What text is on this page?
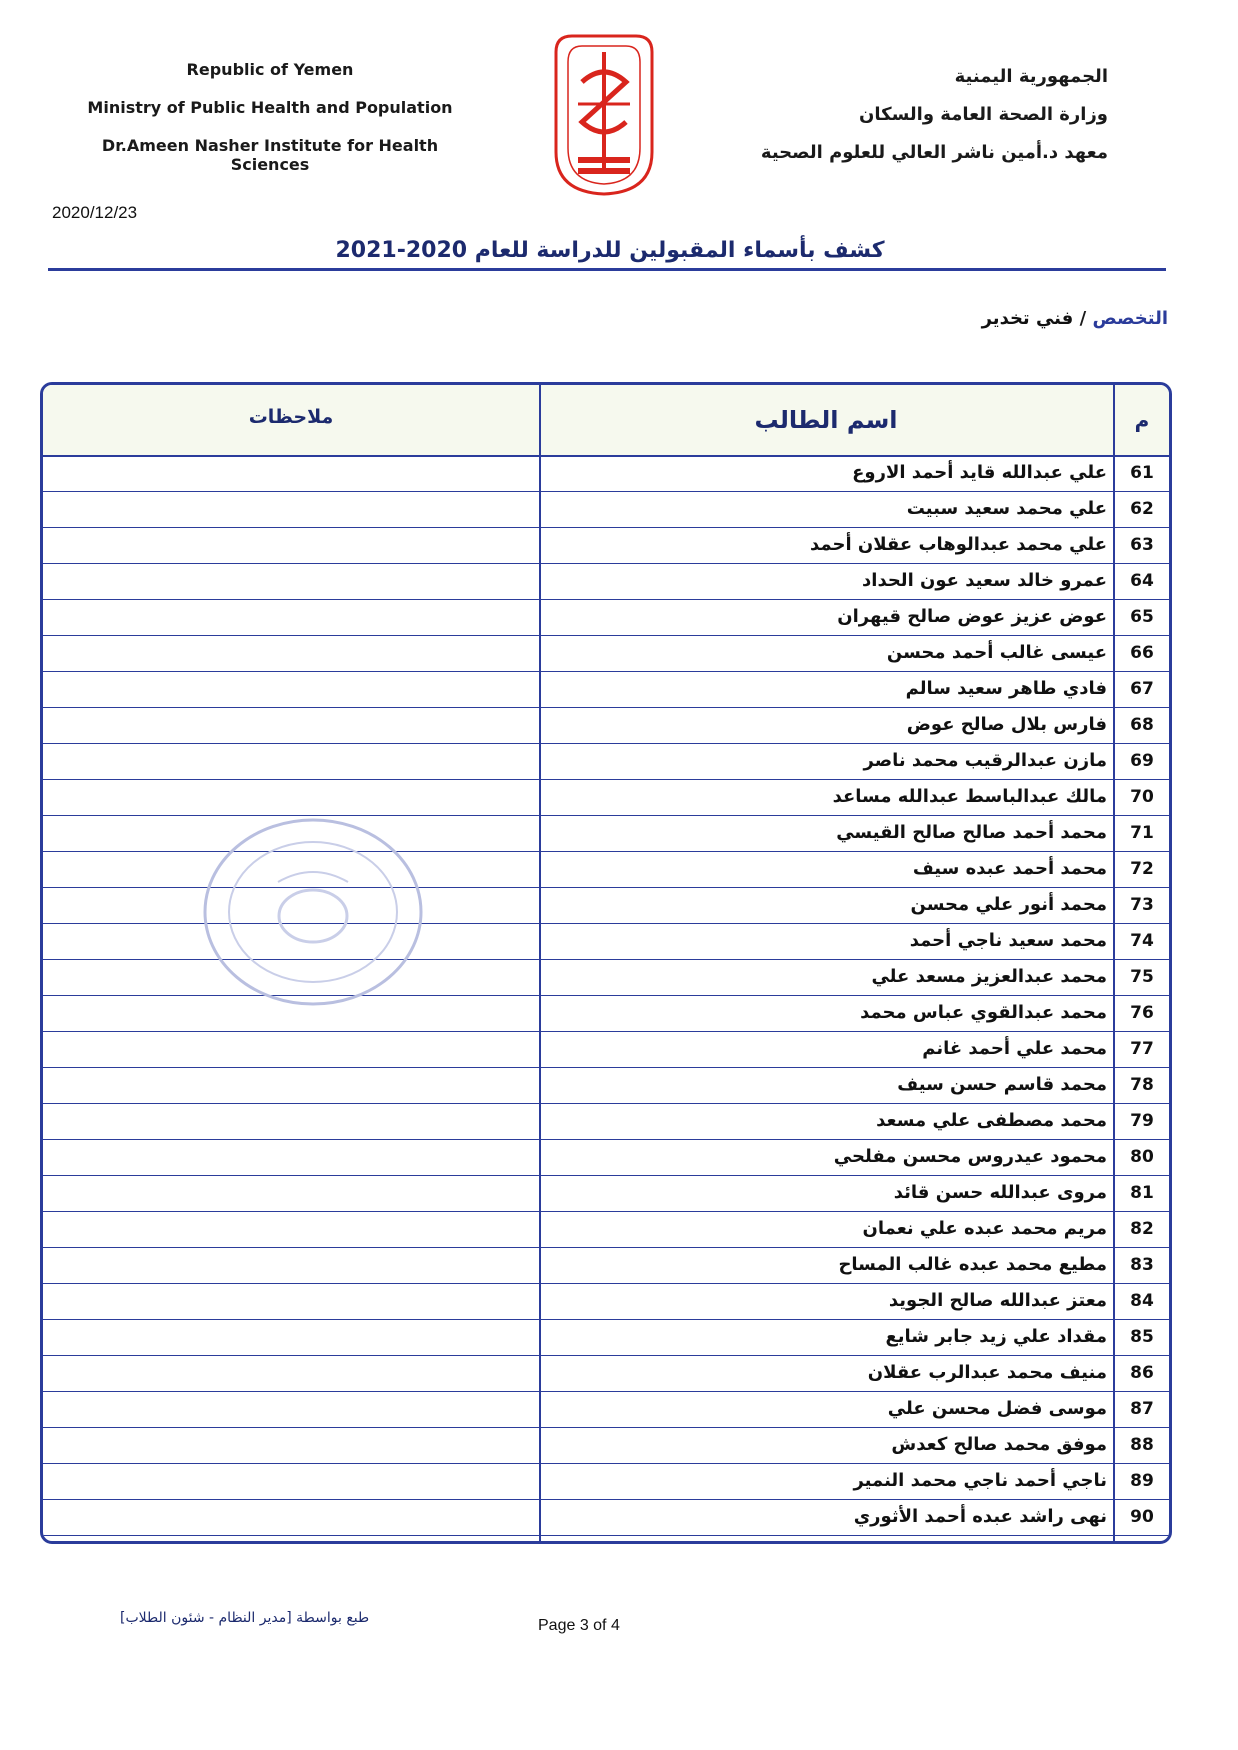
Republic of Yemen
Ministry of Public Health and Population
Dr.Ameen Nasher Institute for Health Sciences
الجمهورية اليمنية
وزارة الصحة العامة والسكان
معهد د.أمين ناشر العالي للعلوم الصحية
2020/12/23
كشف بأسماء المقبولين للدراسة للعام 2020-2021
التخصص / فني تخدير
م
اسم الطالب
ملاحظات
61
علي عبدالله قايد أحمد الاروع
62
علي محمد سعيد سبيت
63
علي محمد عبدالوهاب عقلان أحمد
64
عمرو خالد سعيد عون الحداد
65
عوض عزيز عوض صالح قيهران
66
عيسى غالب أحمد محسن
67
فادي طاهر سعيد سالم
68
فارس بلال صالح عوض
69
مازن عبدالرقيب محمد ناصر
70
مالك عبدالباسط عبدالله مساعد
71
محمد أحمد صالح صالح القيسي
72
محمد أحمد عبده سيف
73
محمد أنور علي محسن
74
محمد سعيد ناجي أحمد
75
محمد عبدالعزيز مسعد علي
76
محمد عبدالقوي عباس محمد
77
محمد علي أحمد غانم
78
محمد قاسم حسن سيف
79
محمد مصطفى علي مسعد
80
محمود عيدروس محسن مفلحي
81
مروى عبدالله حسن قائد
82
مريم محمد عبده علي نعمان
83
مطيع محمد عبده غالب المساح
84
معتز عبدالله صالح الجويد
85
مقداد علي زيد جابر شايع
86
منيف محمد عبدالرب عقلان
87
موسى فضل محسن علي
88
موفق محمد صالح كعدش
89
ناجي أحمد ناجي محمد النمير
90
نهى راشد عبده أحمد الأثوري
طبع بواسطة [مدير النظام - شئون الطلاب]	Page 3 of 4
